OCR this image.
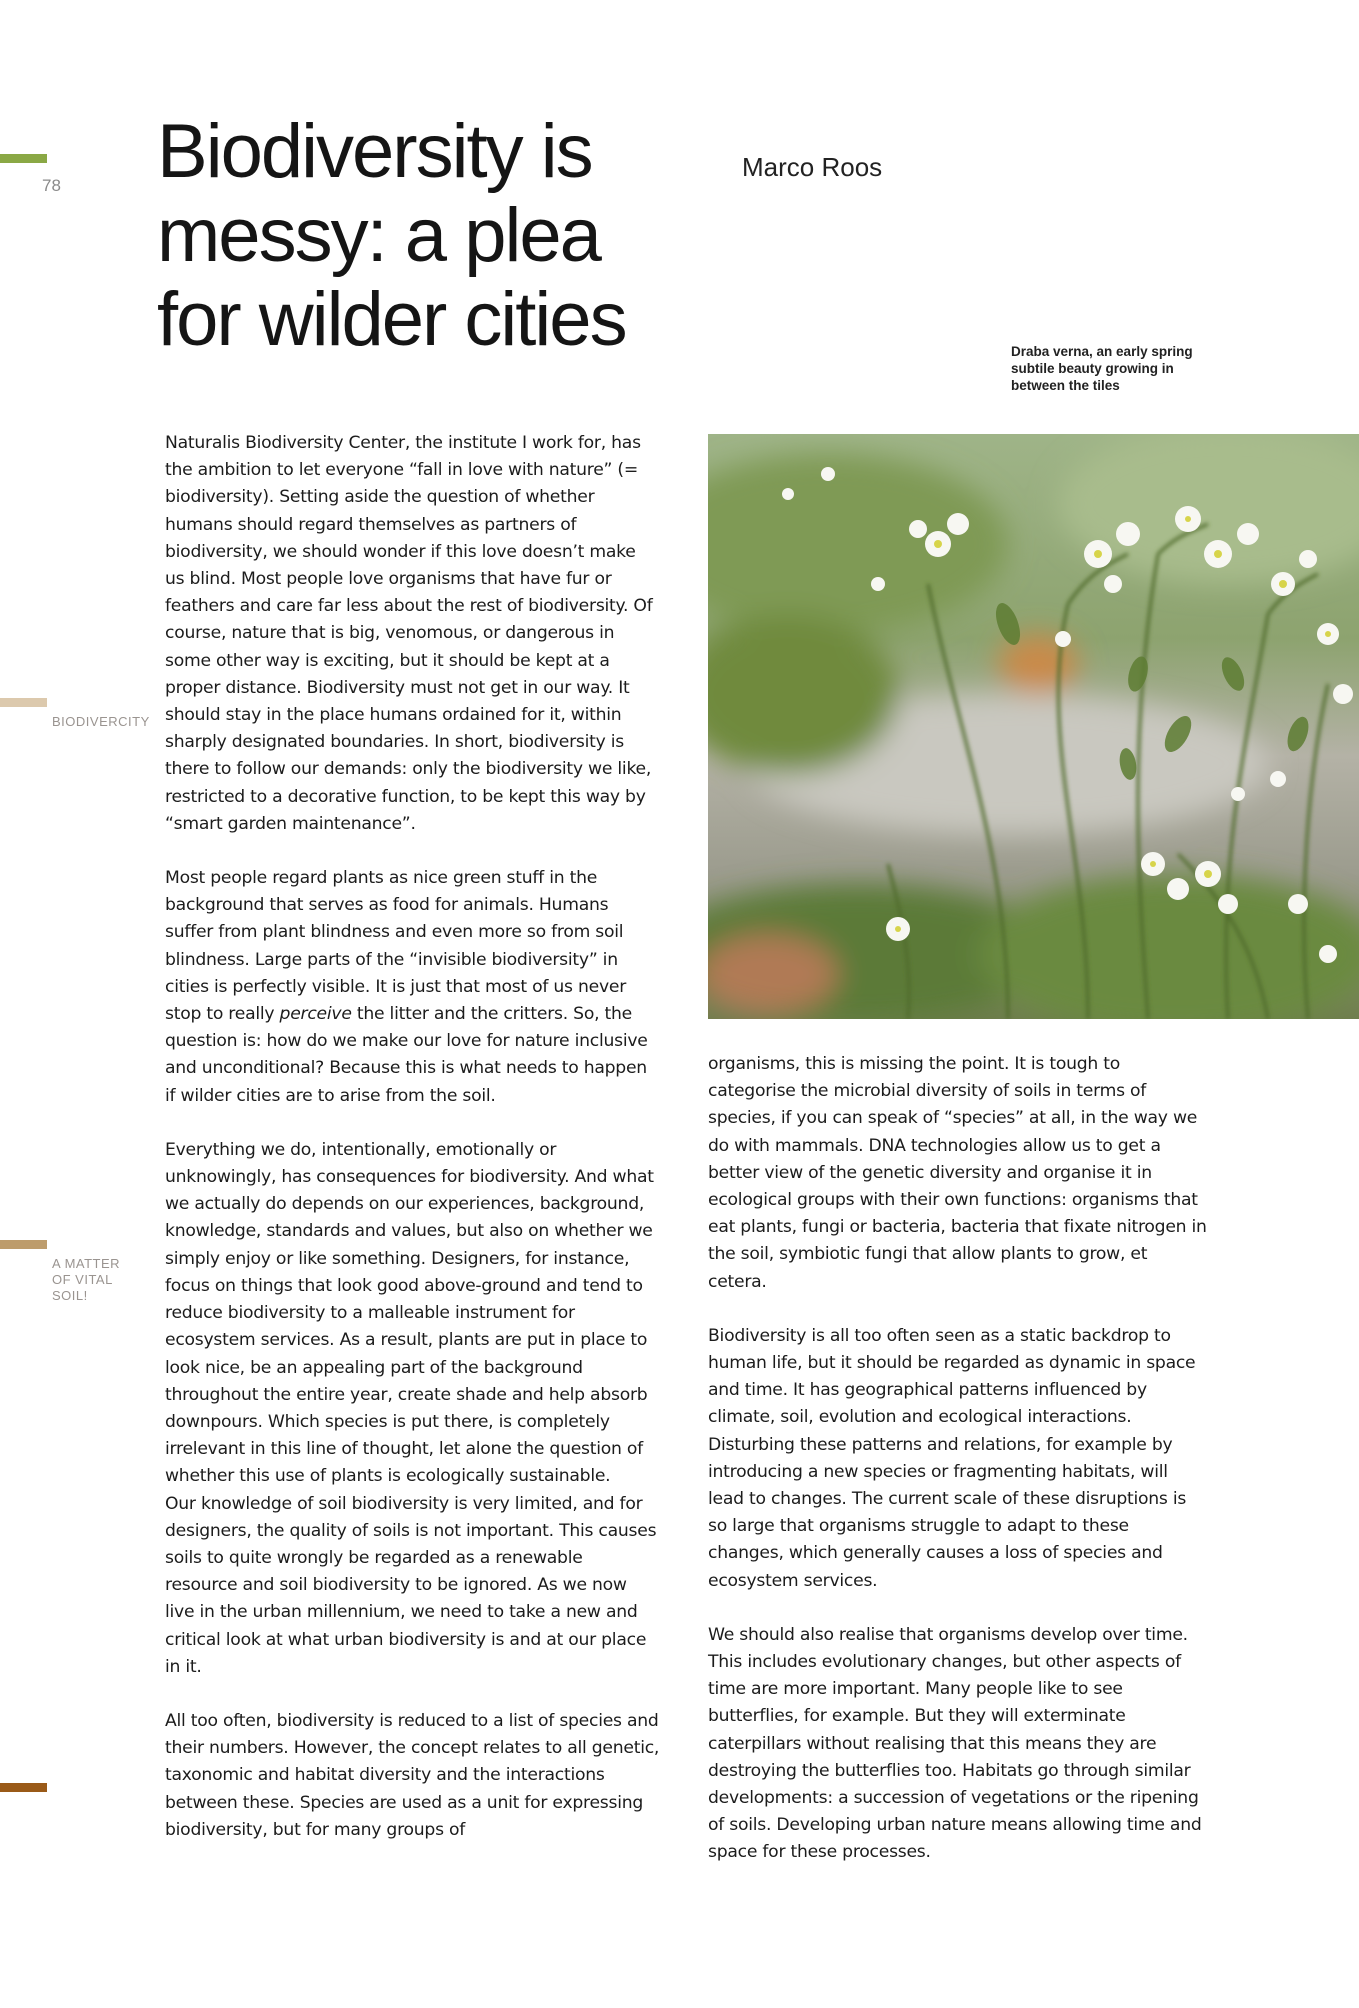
78
BIODIVERCITY
A MATTER
OF VITAL
SOIL!
Biodiversity is
messy: a plea
for wilder cities
Marco Roos
Draba verna, an early spring subtile beauty growing in between the tiles

Naturalis Biodiversity Center, the institute I work for, has the ambition to let everyone “fall in love with nature” (= biodiversity). Setting aside the question of whether humans should regard themselves as partners of biodiversity, we should wonder if this love doesn’t make us blind. Most people love organisms that have fur or feathers and care far less about the rest of biodiversity. Of course, nature that is big, venomous, or dangerous in some other way is exciting, but it should be kept at a proper distance. Biodiversity must not get in our way. It should stay in the place humans ordained for it, within sharply designated boundaries. In short, biodiversity is there to follow our demands: only the biodiversity we like, restricted to a decorative function, to be kept this way by “smart garden maintenance”.

Most people regard plants as nice green stuff in the background that serves as food for animals. Humans suffer from plant blindness and even more so from soil blindness. Large parts of the “invisible biodiversity” in cities is perfectly visible. It is just that most of us never stop to really perceive the litter and the critters. So, the question is: how do we make our love for nature inclusive and unconditional? Because this is what needs to happen if wilder cities are to arise from the soil.

Everything we do, intentionally, emotionally or unknowingly, has consequences for biodiversity. And what we actually do depends on our experiences, background, knowledge, standards and values, but also on whether we simply enjoy or like something. Designers, for instance, focus on things that look good above-ground and tend to reduce biodiversity to a malleable instrument for ecosystem services. As a result, plants are put in place to look nice, be an appealing part of the background throughout the entire year, create shade and help absorb downpours. Which species is put there, is completely irrelevant in this line of thought, let alone the question of whether this use of plants is ecologically sustainable.

Our knowledge of soil biodiversity is very limited, and for designers, the quality of soils is not important. This causes soils to quite wrongly be regarded as a renewable resource and soil biodiversity to be ignored. As we now live in the urban millennium, we need to take a new and critical look at what urban biodiversity is and at our place in it.

All too often, biodiversity is reduced to a list of species and their numbers. However, the concept relates to all genetic, taxonomic and habitat diversity and the interactions between these. Species are used as a unit for expressing biodiversity, but for many groups of

organisms, this is missing the point. It is tough to categorise the microbial diversity of soils in terms of species, if you can speak of “species” at all, in the way we do with mammals. DNA technologies allow us to get a better view of the genetic diversity and organise it in ecological groups with their own functions: organisms that eat plants, fungi or bacteria, bacteria that fixate nitrogen in the soil, symbiotic fungi that allow plants to grow, et cetera.

Biodiversity is all too often seen as a static backdrop to human life, but it should be regarded as dynamic in space and time. It has geographical patterns influenced by climate, soil, evolution and ecological interactions. Disturbing these patterns and relations, for example by introducing a new species or fragmenting habitats, will lead to changes. The current scale of these disruptions is so large that organisms struggle to adapt to these changes, which generally causes a loss of species and ecosystem services.

We should also realise that organisms develop over time. This includes evolutionary changes, but other aspects of time are more important. Many people like to see butterflies, for example. But they will exterminate caterpillars without realising that this means they are destroying the butterflies too. Habitats go through similar developments: a succession of vegetations or the ripening of soils. Developing urban nature means allowing time and space for these processes.
